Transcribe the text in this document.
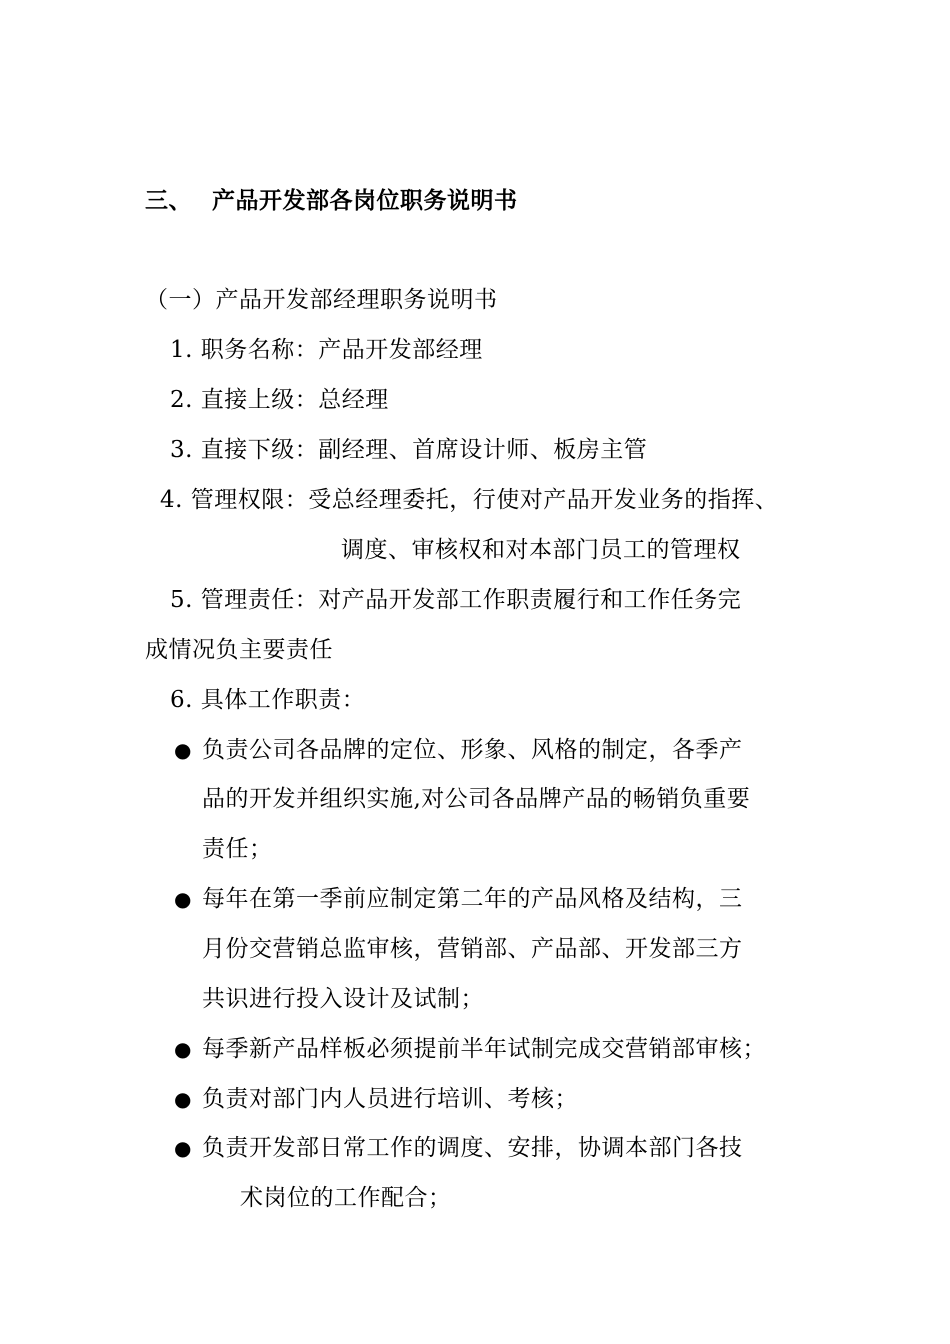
三、 产品开发部各岗位职务说明书
（一）产品开发部经理职务说明书
1. 职务名称：产品开发部经理
2. 直接上级：总经理
3. 直接下级：副经理、首席设计师、板房主管
4. 管理权限：受总经理委托，行使对产品开发业务的指挥、
调度、审核权和对本部门员工的管理权
5. 管理责任：对产品开发部工作职责履行和工作任务完
成情况负主要责任
6. 具体工作职责：
● 负责公司各品牌的定位、形象、风格的制定，各季产
品的开发并组织实施,对公司各品牌产品的畅销负重要
责任；
● 每年在第一季前应制定第二年的产品风格及结构，三
月份交营销总监审核，营销部、产品部、开发部三方
共识进行投入设计及试制；
● 每季新产品样板必须提前半年试制完成交营销部审核；
● 负责对部门内人员进行培训、考核；
● 负责开发部日常工作的调度、安排，协调本部门各技
术岗位的工作配合；
